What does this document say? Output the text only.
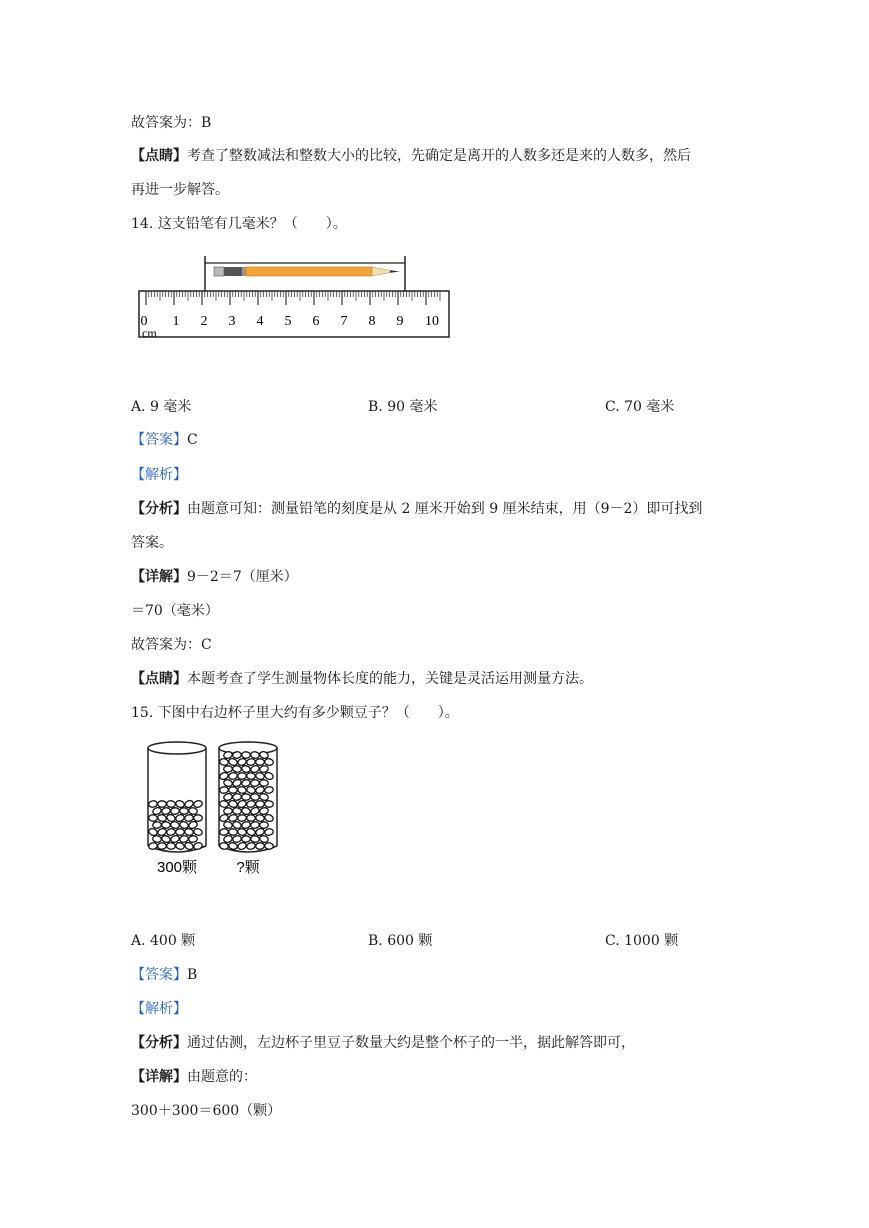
故答案为：B
【点睛】考查了整数减法和整数大小的比较，先确定是离开的人数多还是来的人数多，然后
再进一步解答。
14. 这支铅笔有几毫米？（　　）。
0 1 2 3 4 5 6 7 8 9 10
cm
A. 9 毫米	B. 90 毫米	C. 70 毫米
【答案】C
【解析】
【分析】由题意可知：测量铅笔的刻度是从 2 厘米开始到 9 厘米结束，用（9－2）即可找到
答案。
【详解】9－2＝7（厘米）
＝70（毫米）
故答案为：C
【点睛】本题考查了学生测量物体长度的能力，关键是灵活运用测量方法。
15. 下图中右边杯子里大约有多少颗豆子？（　　）。
300颗	?颗
A. 400 颗	B. 600 颗	C. 1000 颗
【答案】B
【解析】
【分析】通过估测，左边杯子里豆子数量大约是整个杯子的一半，据此解答即可，
【详解】由题意的：
300＋300＝600（颗）
